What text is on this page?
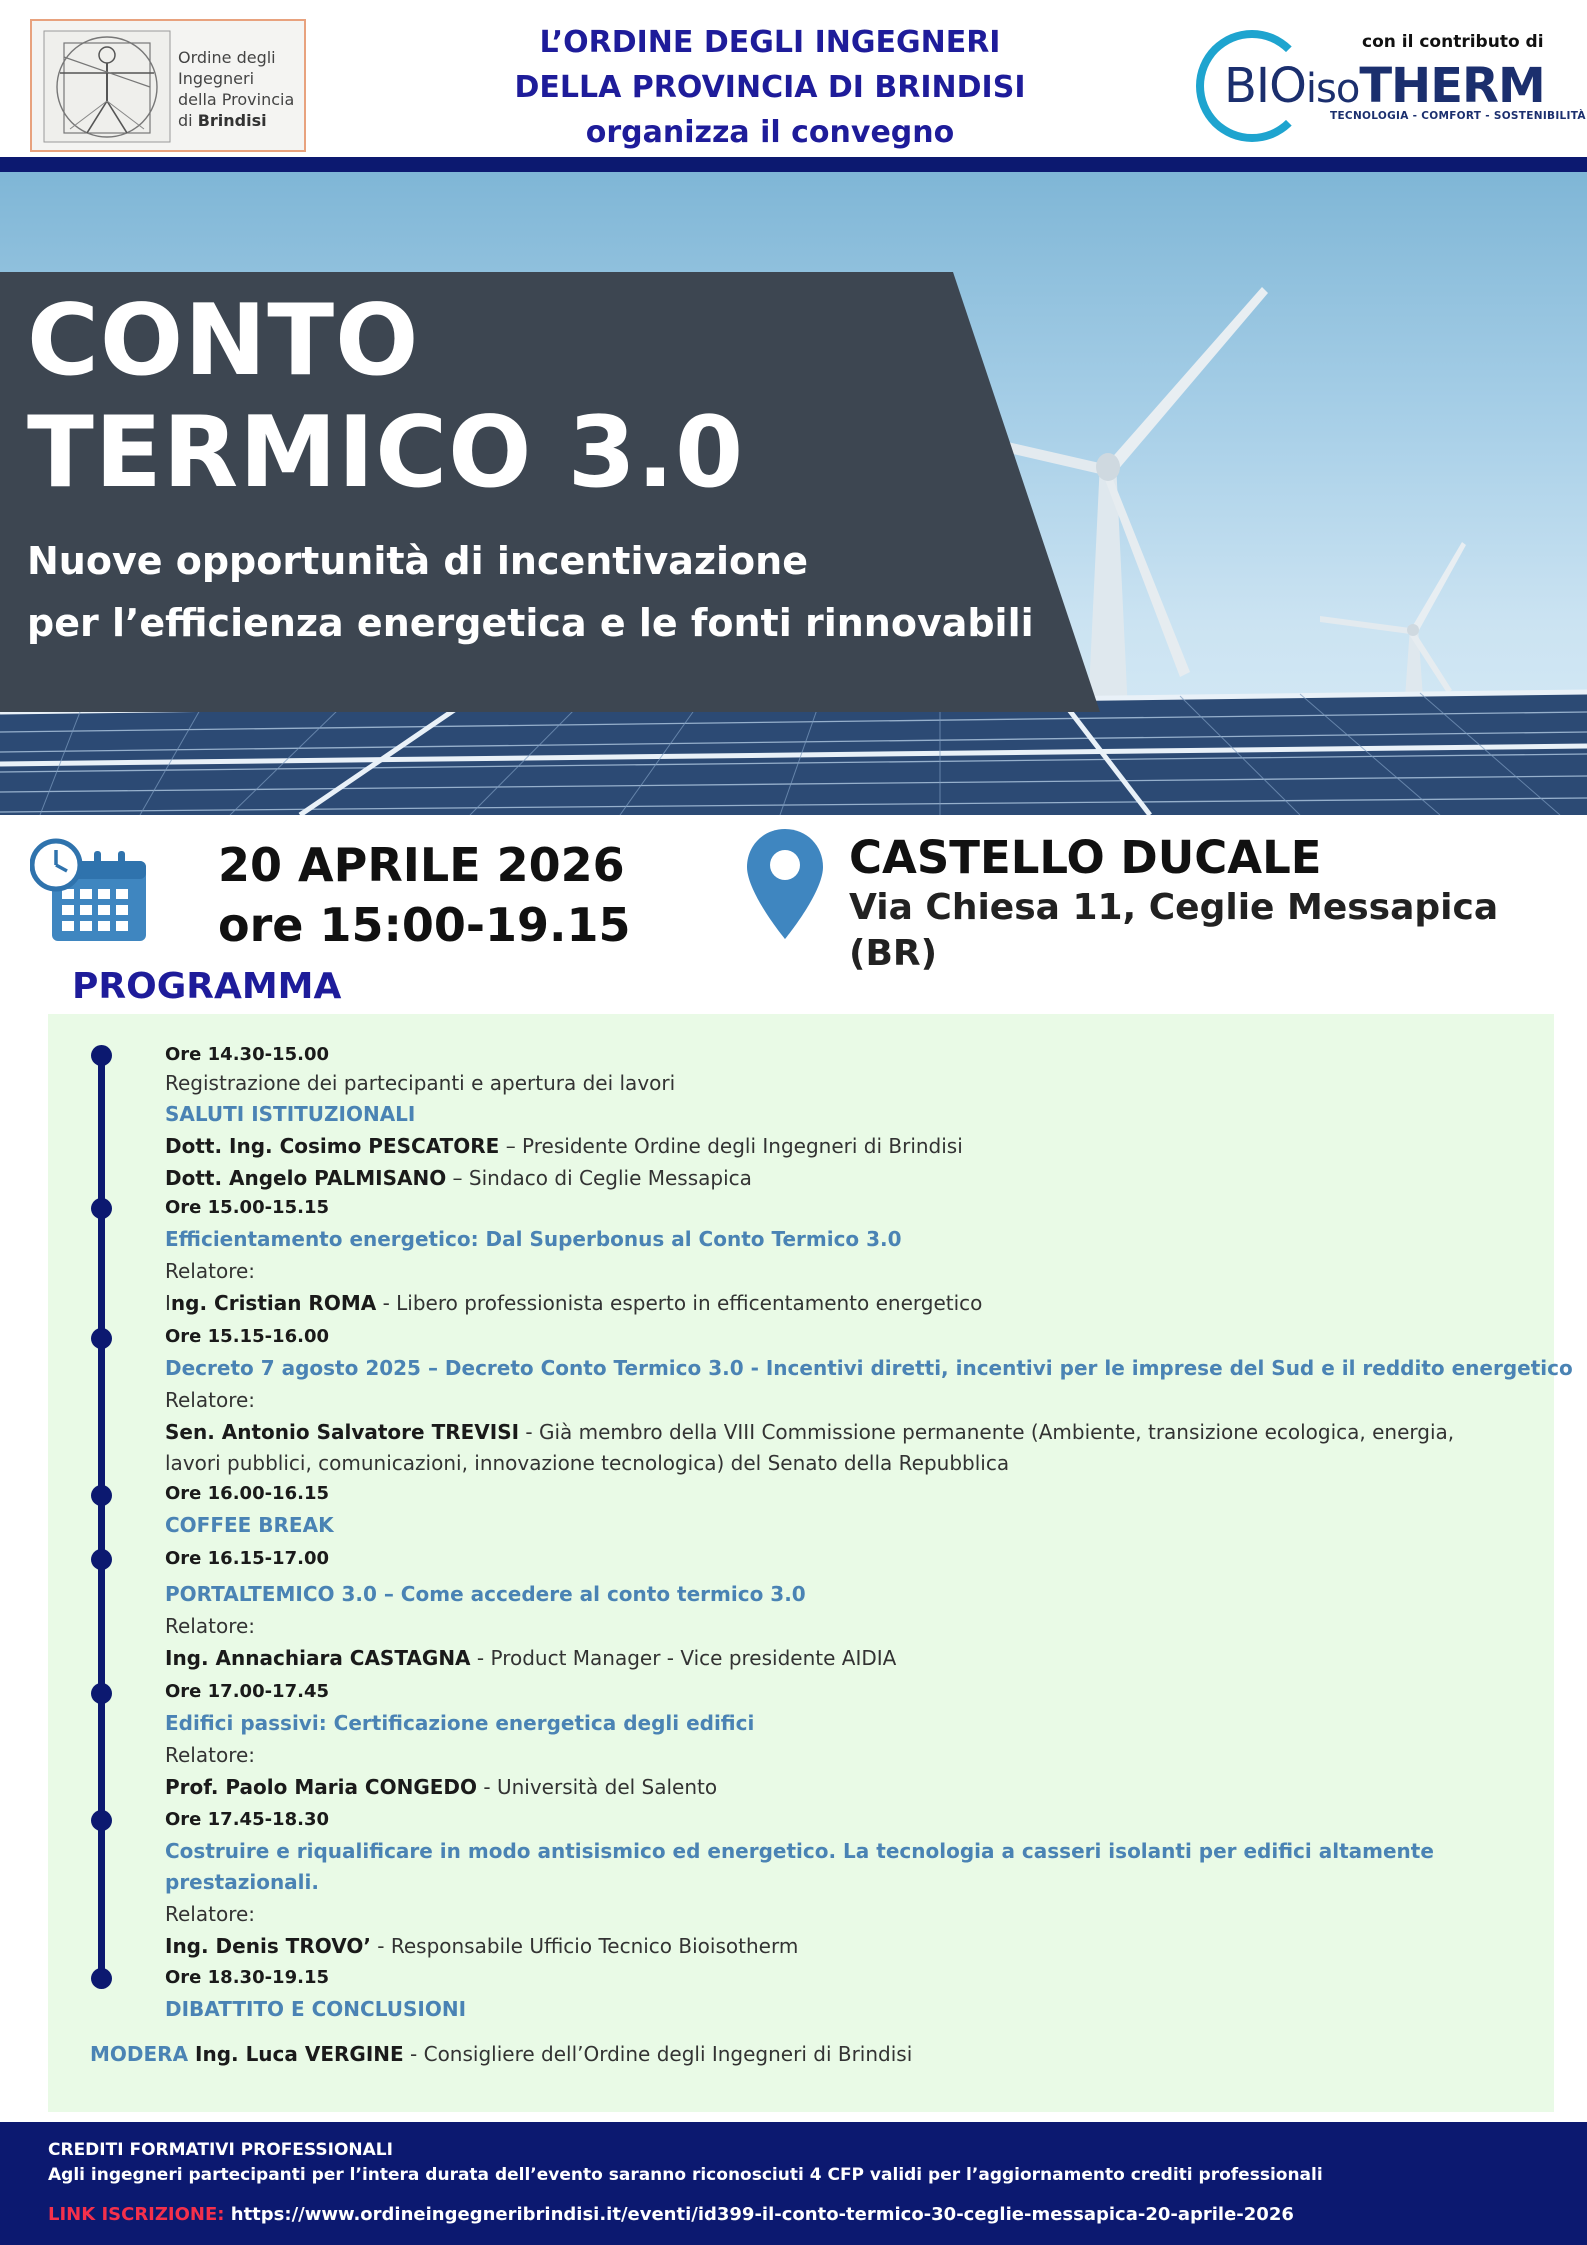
Ordine degli
Ingegneri
della Provincia
di Brindisi
L’ORDINE DEGLI INGEGNERI
DELLA PROVINCIA DI BRINDISI
organizza il convegno
con il contributo di
BIOisoTHERM
TECNOLOGIA - COMFORT - SOSTENIBILITÀ
CONTO
TERMICO 3.0
Nuove opportunità di incentivazione
per l’efficienza energetica e le fonti rinnovabili
20 APRILE 2026
ore 15:00-19.15
CASTELLO DUCALE
Via Chiesa 11, Ceglie Messapica (BR)
PROGRAMMA
Ore 14.30-15.00
Registrazione dei partecipanti e apertura dei lavori
SALUTI ISTITUZIONALI
Dott. Ing. Cosimo PESCATORE – Presidente Ordine degli Ingegneri di Brindisi
Dott. Angelo PALMISANO – Sindaco di Ceglie Messapica
Ore 15.00-15.15
Efficientamento energetico: Dal Superbonus al Conto Termico 3.0
Relatore:
Ing. Cristian ROMA - Libero professionista esperto in efficentamento energetico
Ore 15.15-16.00
Decreto 7 agosto 2025 – Decreto Conto Termico 3.0 - Incentivi diretti, incentivi per le imprese del Sud e il reddito energetico
Relatore:
Sen. Antonio Salvatore TREVISI - Già membro della VIII Commissione permanente (Ambiente, transizione ecologica, energia,
lavori pubblici, comunicazioni, innovazione tecnologica) del Senato della Repubblica
Ore 16.00-16.15
COFFEE BREAK
Ore 16.15-17.00
PORTALTEMICO 3.0 – Come accedere al conto termico 3.0
Relatore:
Ing. Annachiara CASTAGNA - Product Manager - Vice presidente AIDIA
Ore 17.00-17.45
Edifici passivi: Certificazione energetica degli edifici
Relatore:
Prof. Paolo Maria CONGEDO - Università del Salento
Ore 17.45-18.30
Costruire e riqualificare in modo antisismico ed energetico. La tecnologia a casseri isolanti per edifici altamente
prestazionali.
Relatore:
Ing. Denis TROVO’ - Responsabile Ufficio Tecnico Bioisotherm
Ore 18.30-19.15
DIBATTITO E CONCLUSIONI
MODERA Ing. Luca VERGINE - Consigliere dell’Ordine degli Ingegneri di Brindisi
CREDITI FORMATIVI PROFESSIONALI
Agli ingegneri partecipanti per l’intera durata dell’evento saranno riconosciuti 4 CFP validi per l’aggiornamento crediti professionali
LINK ISCRIZIONE: https://www.ordineingegneribrindisi.it/eventi/id399-il-conto-termico-30-ceglie-messapica-20-aprile-2026
